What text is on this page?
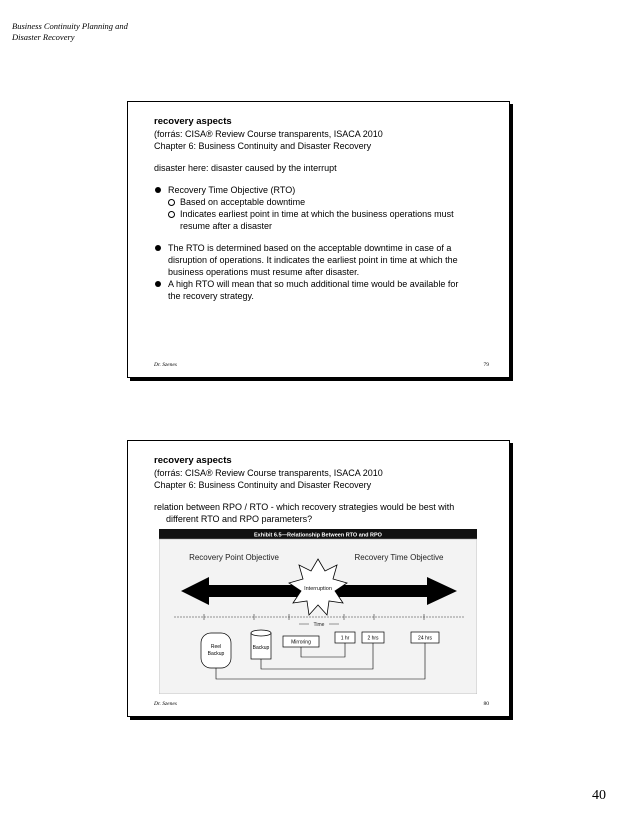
Business Continuity Planning and
Disaster Recovery
recovery aspects
(forrás: CISA® Review Course transparents, ISACA 2010
Chapter 6: Business Continuity and Disaster Recovery
disaster here: disaster caused by the interrupt
Recovery Time Objective (RTO)
Based on acceptable downtime
Indicates earliest point in time at which the business operations must
resume after a disaster
The RTO is determined based on the acceptable downtime in case of a
disruption of operations. It indicates the earliest point in time at which the
business operations must resume after disaster.
A high RTO will mean that so much additional time would be available for
the recovery strategy.
Dr. Szenes	79
recovery aspects
(forrás: CISA® Review Course transparents, ISACA 2010
Chapter 6: Business Continuity and Disaster Recovery
relation between RPO / RTO - which recovery strategies would be best with
different RTO and RPO parameters?
Exhibit 6.5—Relationship Between RTO and RPO
Recovery Point Objective	Recovery Time Objective
Interruption
Time
Reel
Backup
Backup
Mirroring
1 hr	2 hrs	24 hrs
Dr. Szenes	80
40
